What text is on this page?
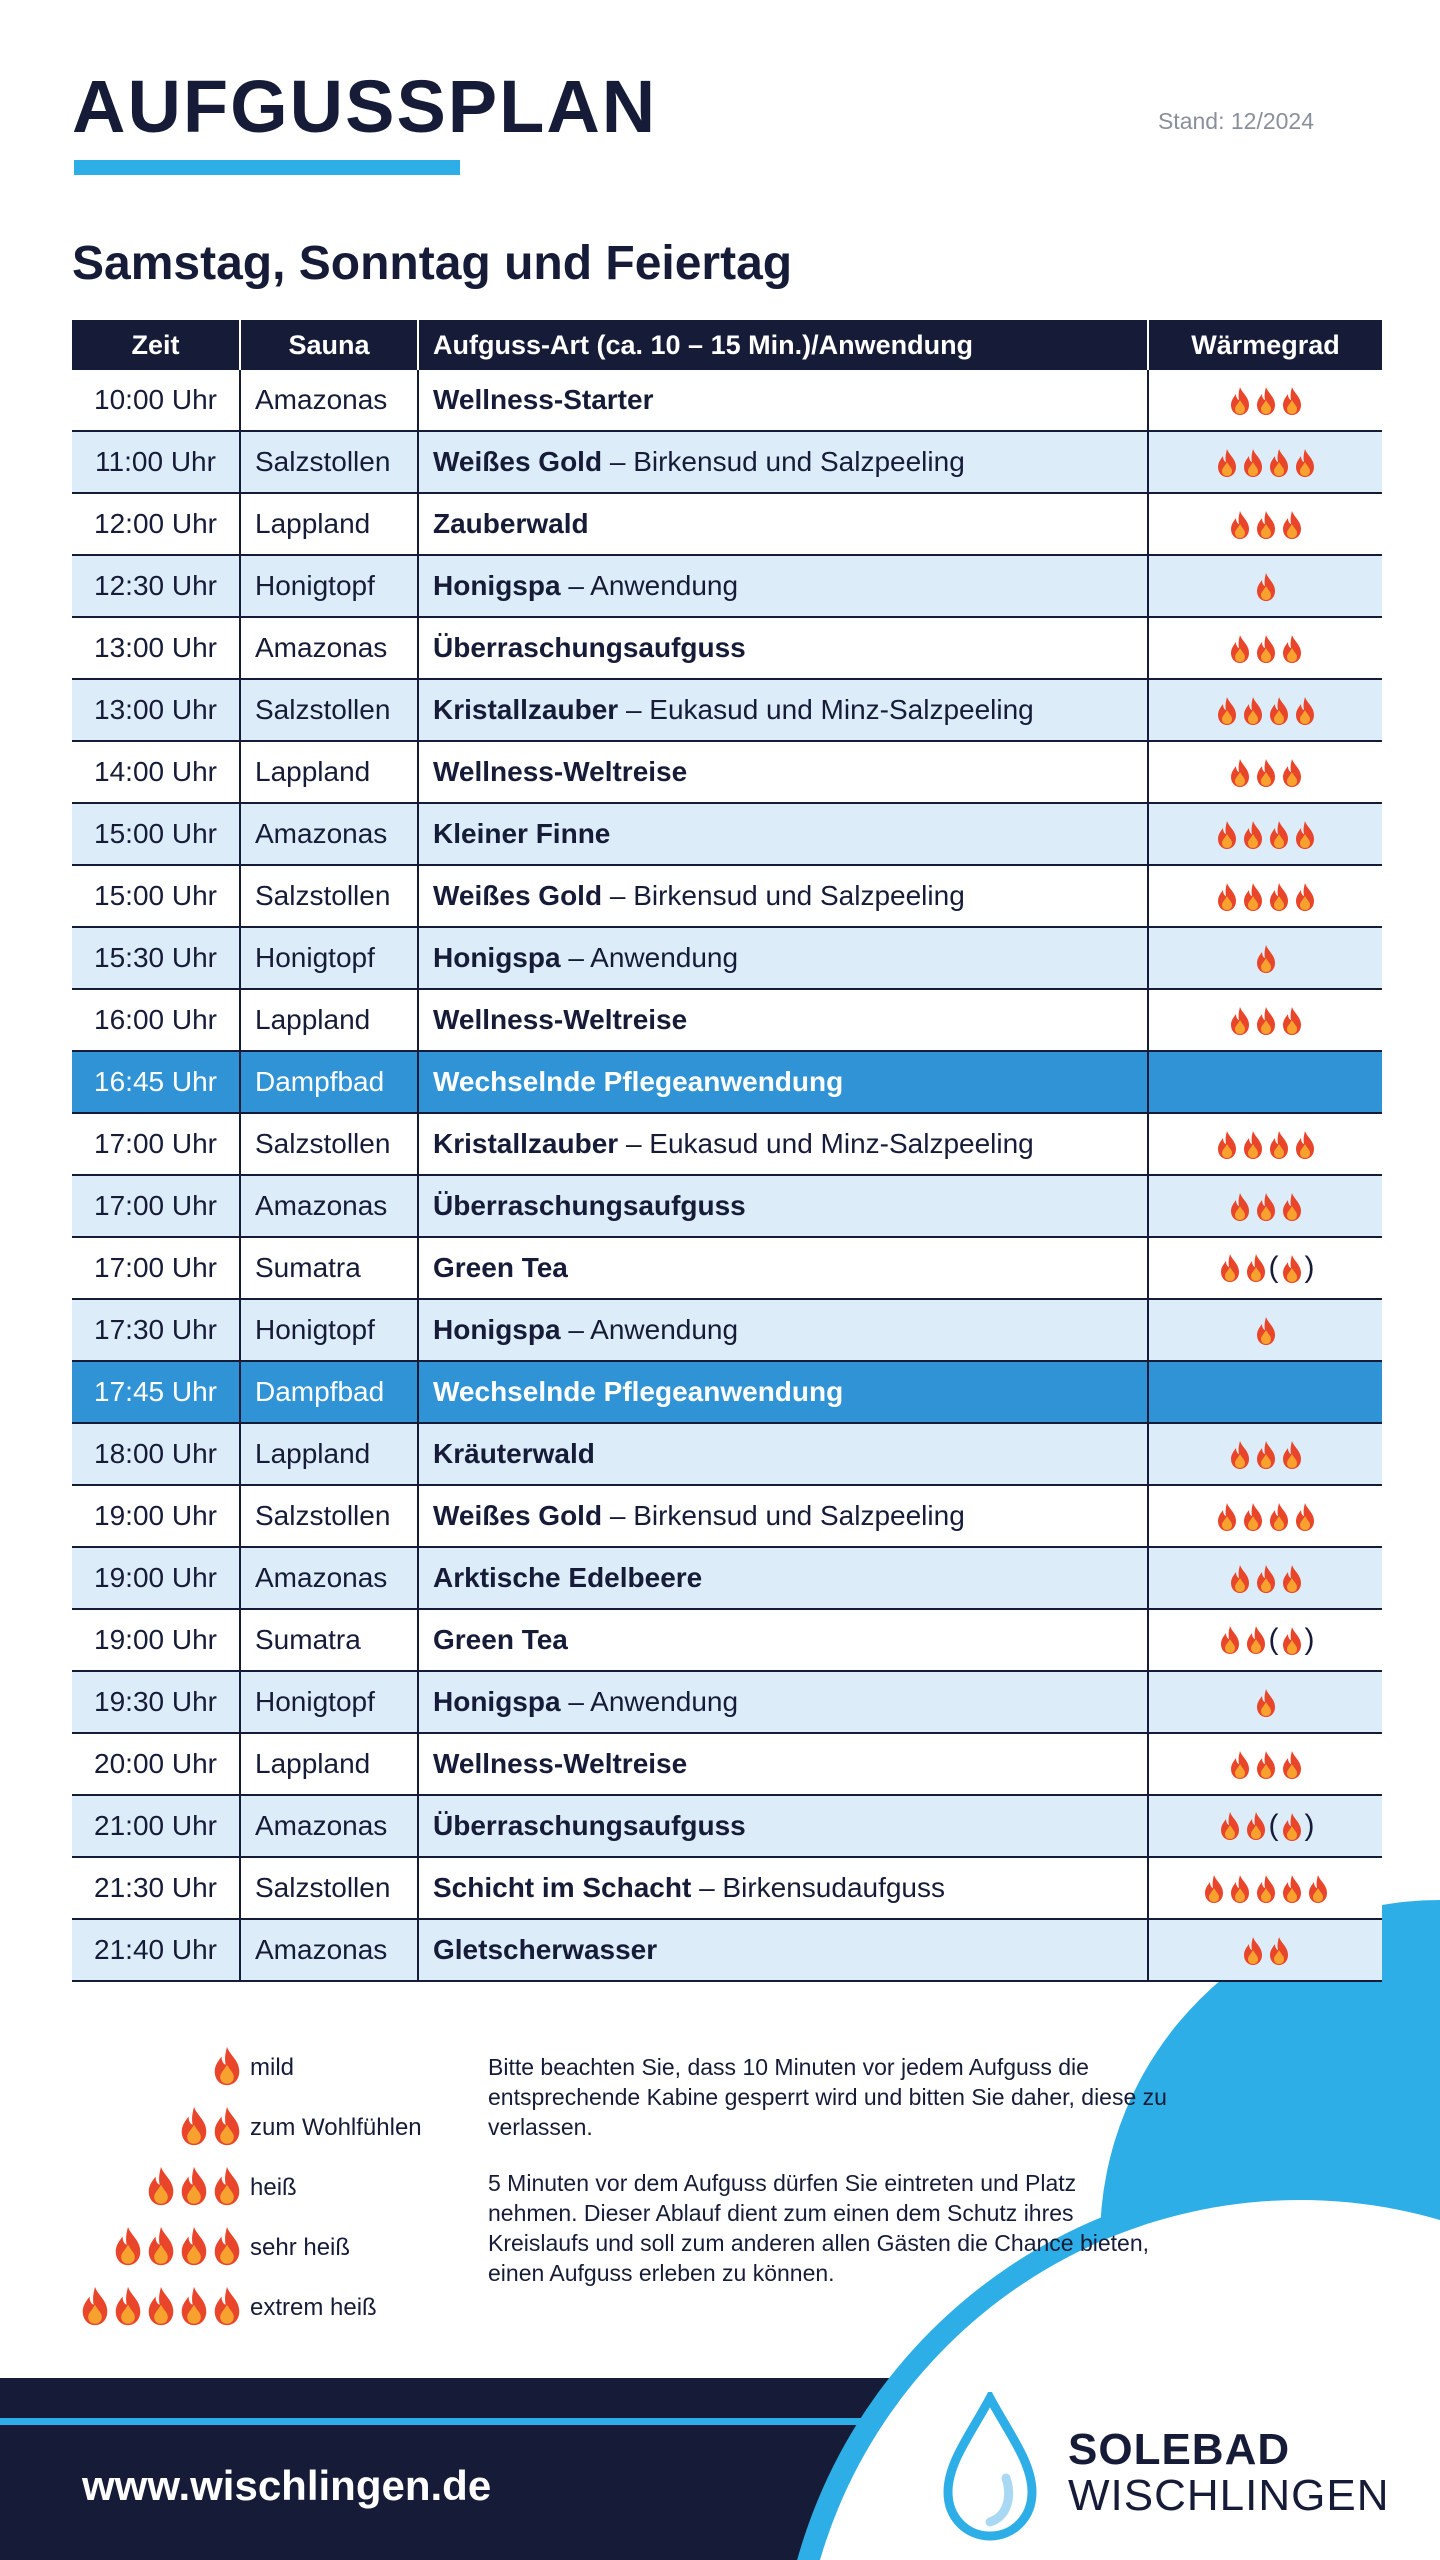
AUFGUSSPLAN	Stand: 12/2024
Samstag, Sonntag und Feiertag
Zeit	Sauna	Aufguss-Art (ca. 10 – 15 Min.)/Anwendung	Wärmegrad
10:00 Uhr	Amazonas	Wellness-Starter	
11:00 Uhr	Salzstollen	Weißes Gold – Birkensud und Salzpeeling	
12:00 Uhr	Lappland	Zauberwald	
12:30 Uhr	Honigtopf	Honigspa – Anwendung	
13:00 Uhr	Amazonas	Überraschungsaufguss	
13:00 Uhr	Salzstollen	Kristallzauber – Eukasud und Minz-Salzpeeling	
14:00 Uhr	Lappland	Wellness-Weltreise	
15:00 Uhr	Amazonas	Kleiner Finne	
15:00 Uhr	Salzstollen	Weißes Gold – Birkensud und Salzpeeling	
15:30 Uhr	Honigtopf	Honigspa – Anwendung	
16:00 Uhr	Lappland	Wellness-Weltreise	
16:45 Uhr	Dampfbad	Wechselnde Pflegeanwendung	
17:00 Uhr	Salzstollen	Kristallzauber – Eukasud und Minz-Salzpeeling	
17:00 Uhr	Amazonas	Überraschungsaufguss	
17:00 Uhr	Sumatra	Green Tea	( )
17:30 Uhr	Honigtopf	Honigspa – Anwendung	
17:45 Uhr	Dampfbad	Wechselnde Pflegeanwendung	
18:00 Uhr	Lappland	Kräuterwald	
19:00 Uhr	Salzstollen	Weißes Gold – Birkensud und Salzpeeling	
19:00 Uhr	Amazonas	Arktische Edelbeere	
19:00 Uhr	Sumatra	Green Tea	( )
19:30 Uhr	Honigtopf	Honigspa – Anwendung	
20:00 Uhr	Lappland	Wellness-Weltreise	
21:00 Uhr	Amazonas	Überraschungsaufguss	( )
21:30 Uhr	Salzstollen	Schicht im Schacht – Birkensudaufguss	
21:40 Uhr	Amazonas	Gletscherwasser	
mild
zum Wohlfühlen
heiß
sehr heiß
extrem heiß

Bitte beachten Sie, dass 10 Minuten vor jedem Aufguss die entsprechende Kabine gesperrt wird und bitten Sie daher, diese zu verlassen.

5 Minuten vor dem Aufguss dürfen Sie eintreten und Platz nehmen. Dieser Ablauf dient zum einen dem Schutz ihres Kreislaufs und soll zum anderen allen Gästen die Chance bieten, einen Aufguss erleben zu können.

www.wischlingen.de
SOLEBAD
WISCHLINGEN
